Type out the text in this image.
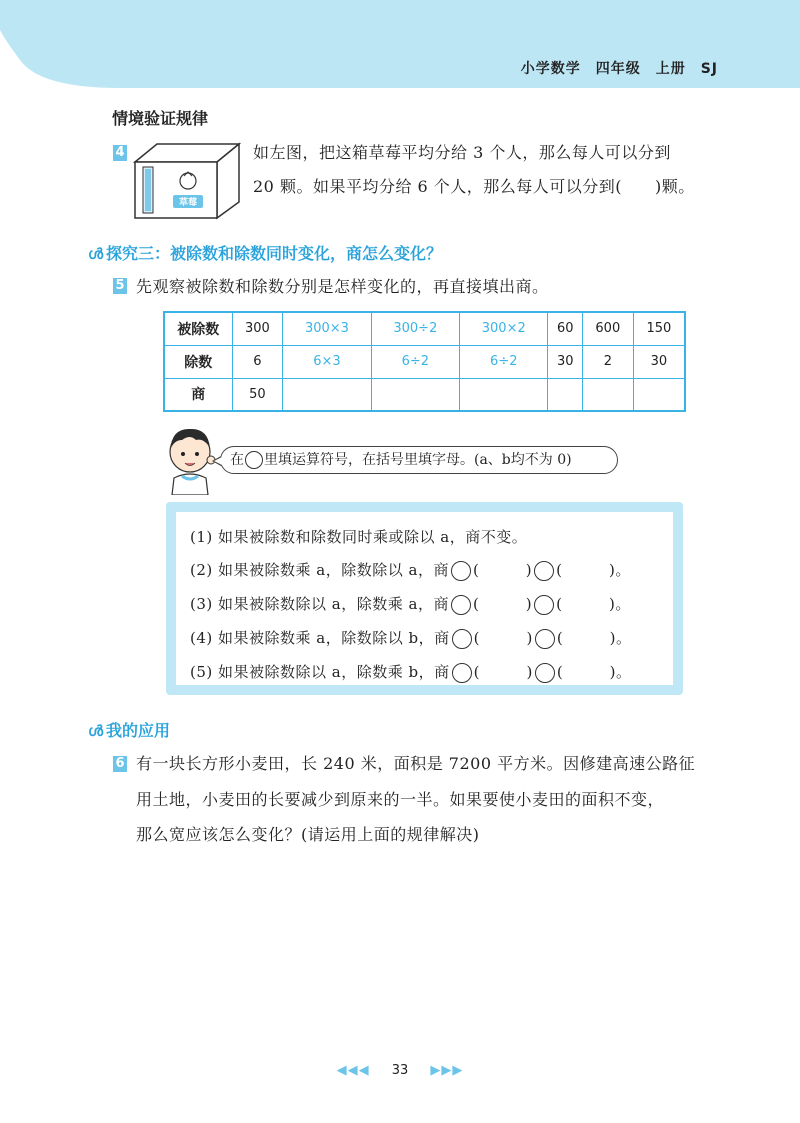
小学数学　四年级　上册　SJ
情境验证规律
4
草莓
如左图，把这箱草莓平均分给 3 个人，那么每人可以分到
20 颗。如果平均分给 6 个人，那么每人可以分到(　　)颗。
ൾ 探究三：被除数和除数同时变化，商怎么变化？
5 先观察被除数和除数分别是怎样变化的，再直接填出商。
被除数	300	300×3	300÷2	300×2	60	600	150
除数	6	6×3	6÷2	6÷2	30	2	30
商	50						
在 里填运算符号，在括号里填字母。(a、b均不为 0)
(1) 如果被除数和除数同时乘或除以 a，商不变。
(2) 如果被除数乘 a，除数除以 a，商 (　　　) (　　　)。
(3) 如果被除数除以 a，除数乘 a，商 (　　　) (　　　)。
(4) 如果被除数乘 a，除数除以 b，商 (　　　) (　　　)。
(5) 如果被除数除以 a，除数乘 b，商 (　　　) (　　　)。
ൾ 我的应用
6 有一块长方形小麦田，长 240 米，面积是 7200 平方米。因修建高速公路征
用土地，小麦田的长要减少到原来的一半。如果要使小麦田的面积不变，
那么宽应该怎么变化？(请运用上面的规律解决)
◀◀◀ 33 ▶▶▶
